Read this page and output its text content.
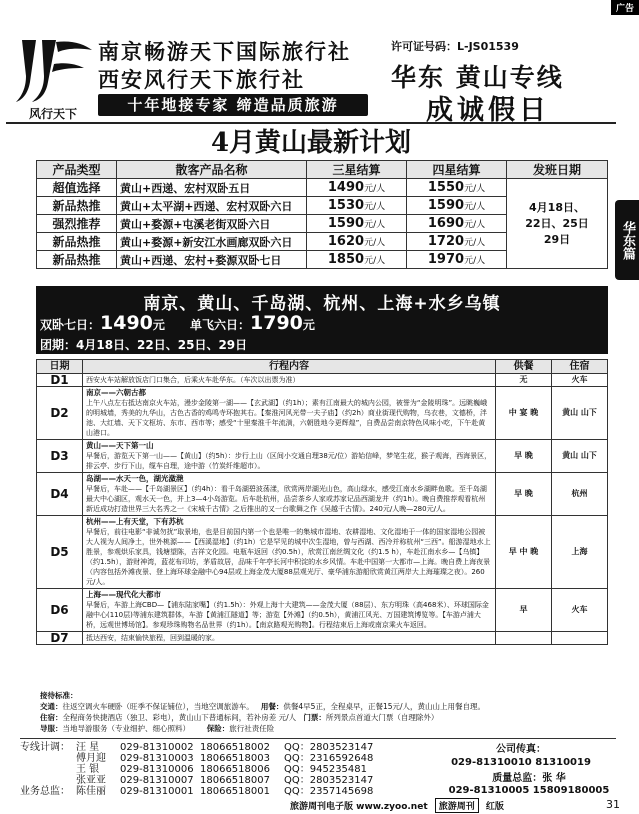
广告
风行天下
南京畅游天下国际旅行社
西安风行天下旅行社
十年地接专家 缔造品质旅游
许可证号码：L-JS01539
华东 黄山专线
成诚假日
4月黄山最新计划
华东篇
产品类型	散客产品名称	三星结算	四星结算	发班日期
超值选择	黄山+西递、宏村双卧五日	1490元/人	1550元/人	4月18日、
22日、25日
29日

新品热推	黄山+太平湖+西递、宏村双卧六日	1530元/人	1590元/人	
强烈推荐	黄山+婺源+屯溪老街双卧六日	1590元/人	1690元/人	
新品热推	黄山+婺源+新安江水画廊双卧六日	1620元/人	1720元/人	
新品热推	黄山+西递、宏村+婺源双卧七日	1850元/人	1970元/人	
南京、黄山、千岛湖、杭州、上海+水乡乌镇
双卧七日：1490元 单飞六日：1790元
团期：4月18日、22日、25日、29日
日期	行程内容	供餐	住宿
D1	西安火车站解放饭店门口集合，后乘火车赴华东。（车次以出票为准）	无	火车
D2	南京——六朝古都
上午八点左右抵达南京火车站，漫步金陵第一湖——【玄武湖】（约1h）；素有江南最大的城内公园，被誉为“金陵明珠”。远眺巍峨的明城墙，秀美的九华山，古色古香的鸡鸣寺环抱其右。【秦淮河风光带一夫子庙】（约2h）商业街现代购物，乌衣巷，文德桥，泮池、大红墙、天下文枢坊、东市、西市等；感受“十里秦淮千年流淌，六朝胜地今更辉煌”，自费品尝南京特色风味小吃，下午赴黄山港口。	中 宴 晚	黄山 山下
D3	黄山——天下第一山
早餐后，游览天下第一山——【黄山】（约5h）：步行上山（区间小交通自理38元/位）游始信峰，梦笔生花，猴子观海，西海景区，排云亭、步行下山，缆车自理，途中游（竹炭纤维超市）。	早 晚	黄山 山下
D4	岛湖——水天一色，湖光潋滟
早餐后，车赴——【千岛湖景区】（约4h）：看千岛湖碧波荡漾，欣赏两岸湖光山色，高山绿水，感受江南水乡湖畔鱼歌。至千岛湖最大中心湖区，观水天一色，并上3—4小岛游览。后车赴杭州，品尝茶乡人家或苏家记品西湖龙井（约1h）。晚自费推荐观看杭州新近成功打造世界三大名秀之一《宋城千古情》之后推出的又一台歌舞之作《吴越千古情》。240元/人晚—280元/人。	早 晚	杭州
D5	杭州——上有天堂，下有苏杭
早餐后，前往电影“非诚勿扰”取景地，也是目前国内第一个也是唯一的集城市湿地、农耕湿地、文化湿地于一体的国家湿地公园被大人视为人间净土，世外桃源——【西溪湿地】（约1h）它是罕见的城中次生湿地，曾与西湖、西冷并称杭州“三西”。船游湿地水上胜景，参观烘乐家具，钱塘望陈，吉祥文化园。电瓶车返回（约0.5h），欣赏江南丝绸文化（约1.5 h），车赴江南水乡—【乌镇】（约1.5h），游财神湾，蓝花布印坊，茅盾故居，品味千年亭长河中积淀的水乡风情。车赴中国第一大都市—上海。晚自费上海夜景（内容包括外滩夜景、登上海环球金融中心94层或上海金茂大厦88层观光厅、豪华浦东游船欣赏黄江两岸大上海璀璨之夜）。260元/人。	早 中 晚	上海
D6	上海——现代化大都市
早餐后，车游上海CBD—【浦东陆家嘴】（约1.5h）：外观上海十大建筑——金茂大厦（88层）、东方明珠（高468米）、环球国际金融中心(110层)等浦东建筑群体，车游【黄浦江隧道】等；游览【外滩】（约0.5h），黄浦江风光、万国建筑博览等。【车游卢浦大桥，远观世博场馆】。参观珍珠购物名品世界（约1h）。【南京路观光购物】。行程结束后上海或南京乘火车返回。	早	火车
D7	抵达西安，结束愉快旅程，回到温暖的家。		

接待标准：
交通：往返空调火车硬卧（旺季不保证铺位），当地空调旅游车。 用餐：供餐4早5正，全程桌早，正餐15元/人，黄山山上用餐自理。
住宿：全程商务快捷酒店（独卫、彩电），黄山山下普通标间，若补房差 元/人 门票：所列景点首道大门票（自理除外）
导服：当地导游服务（专业细护、细心照料） 保险：旅行社责任险
专线计调： 汪 星 029-81310002 18066518002 QQ：2803523147
傅月迎 029-81310003 18066518003 QQ：2316592648
王 银 029-81310006 18066518006 QQ：945235481
张亚亚 029-81310007 18066518007 QQ：2803523147
业务总监： 陈佳丽 029-81310001 18066518001 QQ：2357145698
公司传真：
029-81310010 81310019
质量总监：张 华
029-81310005 15809180005
旅游周刊电子版 www.zyoo.net 旅游周刊 红版	31
